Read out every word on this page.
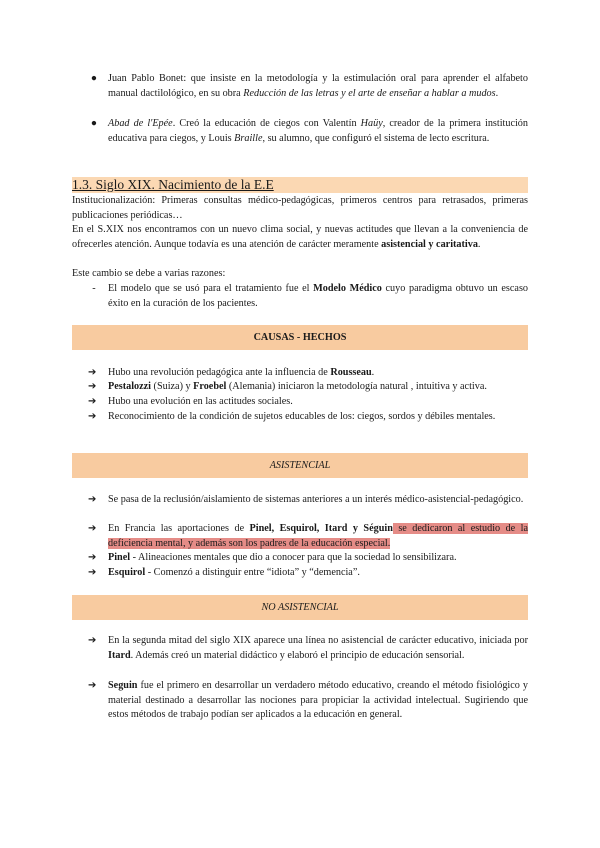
● Juan Pablo Bonet: que insiste en la metodología y la estimulación oral para aprender el alfabeto manual dactilológico, en su obra Reducción de las letras y el arte de enseñar a hablar a mudos.
● Abad de l'Epée. Creó la educación de ciegos con Valentín Haüy, creador de la primera institución educativa para ciegos, y Louis Braille, su alumno, que configuró el sistema de lecto escritura.
1.3. Siglo XIX. Nacimiento de la E.E
Institucionalización: Primeras consultas médico-pedagógicas, primeros centros para retrasados, primeras publicaciones periódicas…
En el S.XIX nos encontramos con un nuevo clima social, y nuevas actitudes que llevan a la conveniencia de ofrecerles atención. Aunque todavía es una atención de carácter meramente asistencial y caritativa.
Este cambio se debe a varias razones:
-	El modelo que se usó para el tratamiento fue el Modelo Médico cuyo paradigma obtuvo un escaso éxito en la curación de los pacientes.
CAUSAS - HECHOS
➔	Hubo una revolución pedagógica ante la influencia de Rousseau.
➔	Pestalozzi (Suiza) y Froebel (Alemania) iniciaron la metodología natural , intuitiva y activa.
➔	Hubo una evolución en las actitudes sociales.
➔	Reconocimiento de la condición de sujetos educables de los: ciegos, sordos y débiles mentales.
ASISTENCIAL
➔	Se pasa de la reclusión/aislamiento de sistemas anteriores a un interés médico-asistencial-pedagógico.
➔	En Francia las aportaciones de Pinel, Esquirol, Itard y Séguin se dedicaron al estudio de la deficiencia mental, y además son los padres de la educación especial.
➔	Pinel - Alineaciones mentales que dio a conocer para que la sociedad lo sensibilizara.
➔	Esquirol - Comenzó a distinguir entre “idiota” y “demencia”.
NO ASISTENCIAL
➔	En la segunda mitad del siglo XIX aparece una línea no asistencial de carácter educativo, iniciada por Itard. Además creó un material didáctico y elaboró el principio de educación sensorial.
➔	Seguin fue el primero en desarrollar un verdadero método educativo, creando el método fisiológico y material destinado a desarrollar las nociones para propiciar la actividad intelectual. Sugiriendo que estos métodos de trabajo podían ser aplicados a la educación en general.
